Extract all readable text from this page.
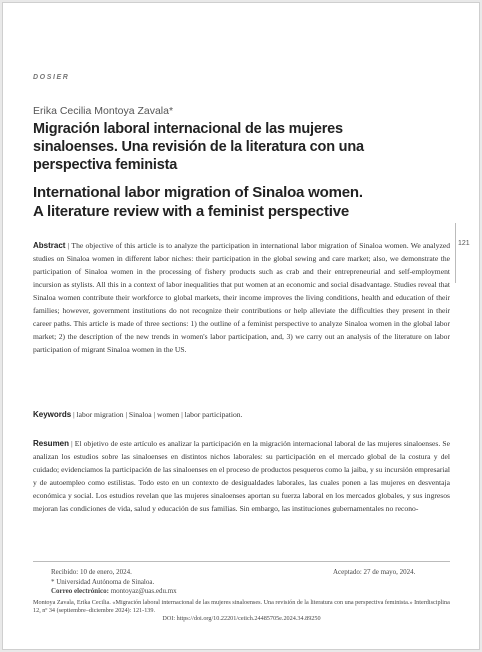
DOSIER
Erika Cecilia Montoya Zavala*
Migración laboral internacional de las mujeres
sinaloenses. Una revisión de la literatura con una
perspectiva feminista
International labor migration of Sinaloa women.
A literature review with a feminist perspective
121
Abstract | The objective of this article is to analyze the participation in international labor migration of Sinaloa women. We analyzed studies on Sinaloa women in different labor niches: their participation in the global sewing and care market; also, we demonstrate the participation of Sinaloa women in the processing of fishery products such as crab and their entrepreneurial and self-employment incursion as stylists. All this in a context of labor inequalities that put women at an economic and social disadvantage. Studies reveal that Sinaloa women contribute their workforce to global markets, their income improves the living conditions, health and education of their families; however, government institutions do not recognize their contributions or help alleviate the difficulties they present in their career paths. This article is made of three sections: 1) the outline of a feminist perspective to analyze Sinaloa women in the global labor market; 2) the description of the new trends in women's labor participation, and, 3) we carry out an analysis of the literature on labor participation of migrant Sinaloa women in the US.
Keywords | labor migration | Sinaloa | women | labor participation.
Resumen | El objetivo de este artículo es analizar la participación en la migración internacional laboral de las mujeres sinaloenses. Se analizan los estudios sobre las sinaloenses en distintos nichos laborales: su participación en el mercado global de la costura y del cuidado; evidenciamos la participación de las sinaloenses en el proceso de productos pesqueros como la jaiba, y su incursión empresarial y de autoempleo como estilistas. Todo esto en un contexto de desigualdades laborales, las cuales ponen a las mujeres en desventaja económica y social. Los estudios revelan que las mujeres sinaloenses aportan su fuerza laboral en los mercados globales, y sus ingresos mejoran las condiciones de vida, salud y educación de sus familias. Sin embargo, las instituciones gubernamentales no recono-
Recibido: 10 de enero, 2024.	Aceptado: 27 de mayo, 2024.
* Universidad Autónoma de Sinaloa.
Correo electrónico: montoyaz@uas.edu.mx
Montoya Zavala, Erika Cecilia. «Migración laboral internacional de las mujeres sinaloenses. Una revisión de la literatura con una perspectiva feminista.» Interdisciplina 12, nº 34 (septiembre–diciembre 2024): 121-139.
DOI: https://doi.org/10.22201/ceiich.24485705e.2024.34.89250
